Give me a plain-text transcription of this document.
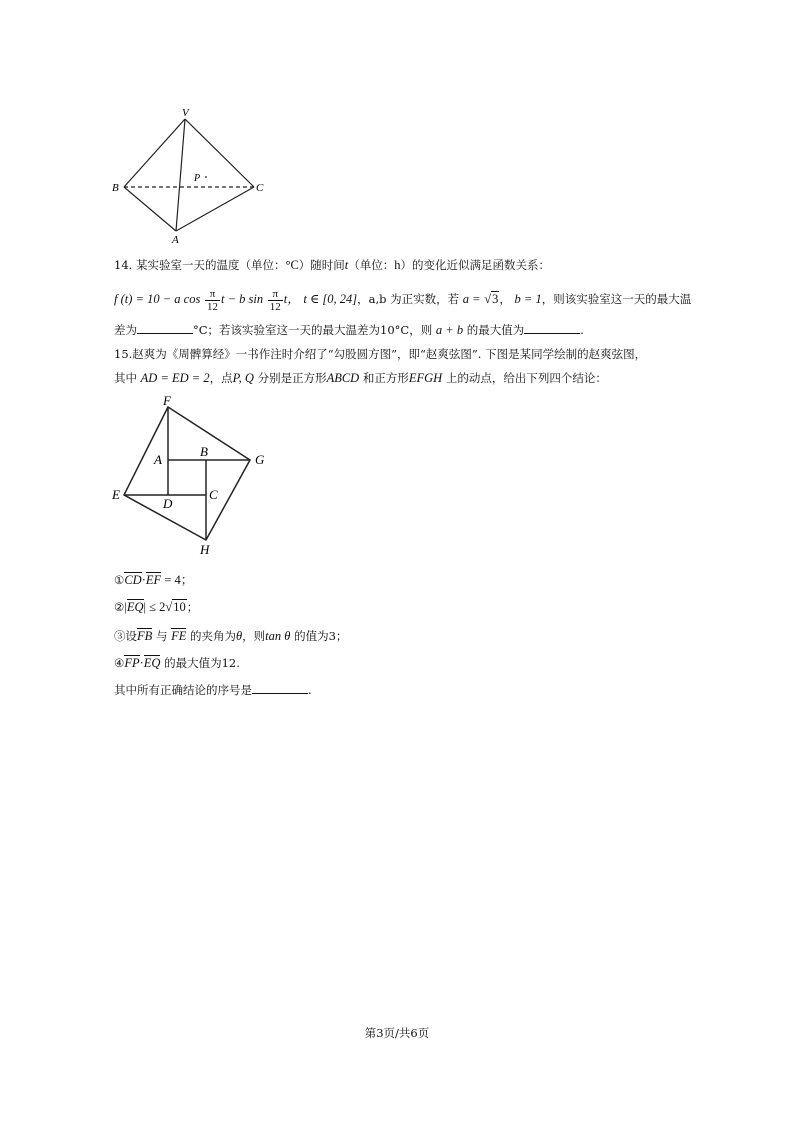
V
B	C
A
P
14. 某实验室一天的温度（单位：°C）随时间t（单位：h）的变化近似满足函数关系：
f (t) = 10 − a $\cos \frac{\pi}{12}$ t − b $\sin \frac{\pi}{12}$ t， t ∈ [0, 24]，a,b 为正实数，若 a = √3， b = 1，则该实验室这一天的最大温
差为	°C；若该实验室这一天的最大温差为10°C，则 a + b 的最大值为	.
15.赵爽为《周髀算经》一书作注时介绍了“勾股圆方图”，即“赵爽弦图”. 下图是某同学绘制的赵爽弦图，
其中 AD = ED = 2，点P, Q 分别是正方形ABCD 和正方形EFGH 上的动点，给出下列四个结论：
F
A
B
G
E
D
C
H
①CD·EF = 4；
②|EQ| ≤ 2√10；
③设FB 与 FE 的夹角为θ，则tan θ 的值为3；
④FP·EQ 的最大值为12.
其中所有正确结论的序号是	.
第3页/共6页
